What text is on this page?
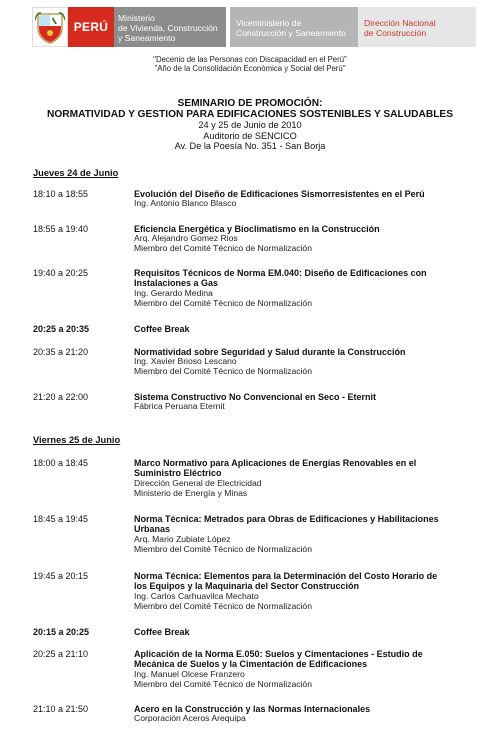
PERÚ
Ministerio
de Vivienda, Construcción
y Saneamiento
Viceministerio de
Construcción y Saneamiento
Dirección Nacional
de Construcción
"Decenio de las Personas con Discapacidad en el Perú"
"Año de la Consolidación Económica y Social del Perú"
SEMINARIO DE PROMOCIÓN:
NORMATIVIDAD Y GESTION PARA EDIFICACIONES SOSTENIBLES Y SALUDABLES
24 y 25 de Junio de 2010
Auditorio de SENCICO
Av. De la Poesía No. 351 - San Borja
Jueves 24 de Junio
18:10 a 18:55	Evolución del Diseño de Edificaciones Sismorresistentes en el Perú
Ing. Antonio Blanco Blasco
18:55 a 19:40	Eficiencia Energética y Bioclimatismo en la Construcción
Arq. Alejandro Gomez Rios
Miembro del Comité Técnico de Normalización
19:40 a 20:25	Requisitos Técnicos de Norma EM.040: Diseño de Edificaciones con
Instalaciones a Gas
Ing. Gerardo Medina
Miembro del Comité Técnico de Normalización
20:25 a 20:35	Coffee Break
20:35 a 21:20	Normatividad sobre Seguridad y Salud durante la Construcción
Ing. Xavier Brioso Lescano
Miembro del Comité Técnico de Normalización
21:20 a 22:00	Sistema Constructivo No Convencional en Seco - Eternit
Fábrica Peruana Eternit
Viernes 25 de Junio
18:00 a 18:45	Marco Normativo para Aplicaciones de Energías Renovables en el
Suministro Eléctrico
Dirección General de Electricidad
Ministerio de Energía y Minas
18:45 a 19:45	Norma Técnica: Metrados para Obras de Edificaciones y Habilitaciones
Urbanas
Arq. Mario Zubiate López
Miembro del Comité Técnico de Normalización
19:45 a 20:15	Norma Técnica: Elementos para la Determinación del Costo Horario de
los Equipos y la Maquinaria del Sector Construcción
Ing. Carlos Carhuavilca Mechato
Miembro del Comité Técnico de Normalización
20:15 a 20:25	Coffee Break
20:25 a 21:10	Aplicación de la Norma E.050: Suelos y Cimentaciones - Estudio de
Mecánica de Suelos y la Cimentación de Edificaciones
Ing. Manuel Olcese Franzero
Miembro del Comité Técnico de Normalización
21:10 a 21:50	Acero en la Construcción y las Normas Internacionales
Corporación Aceros Arequipa
